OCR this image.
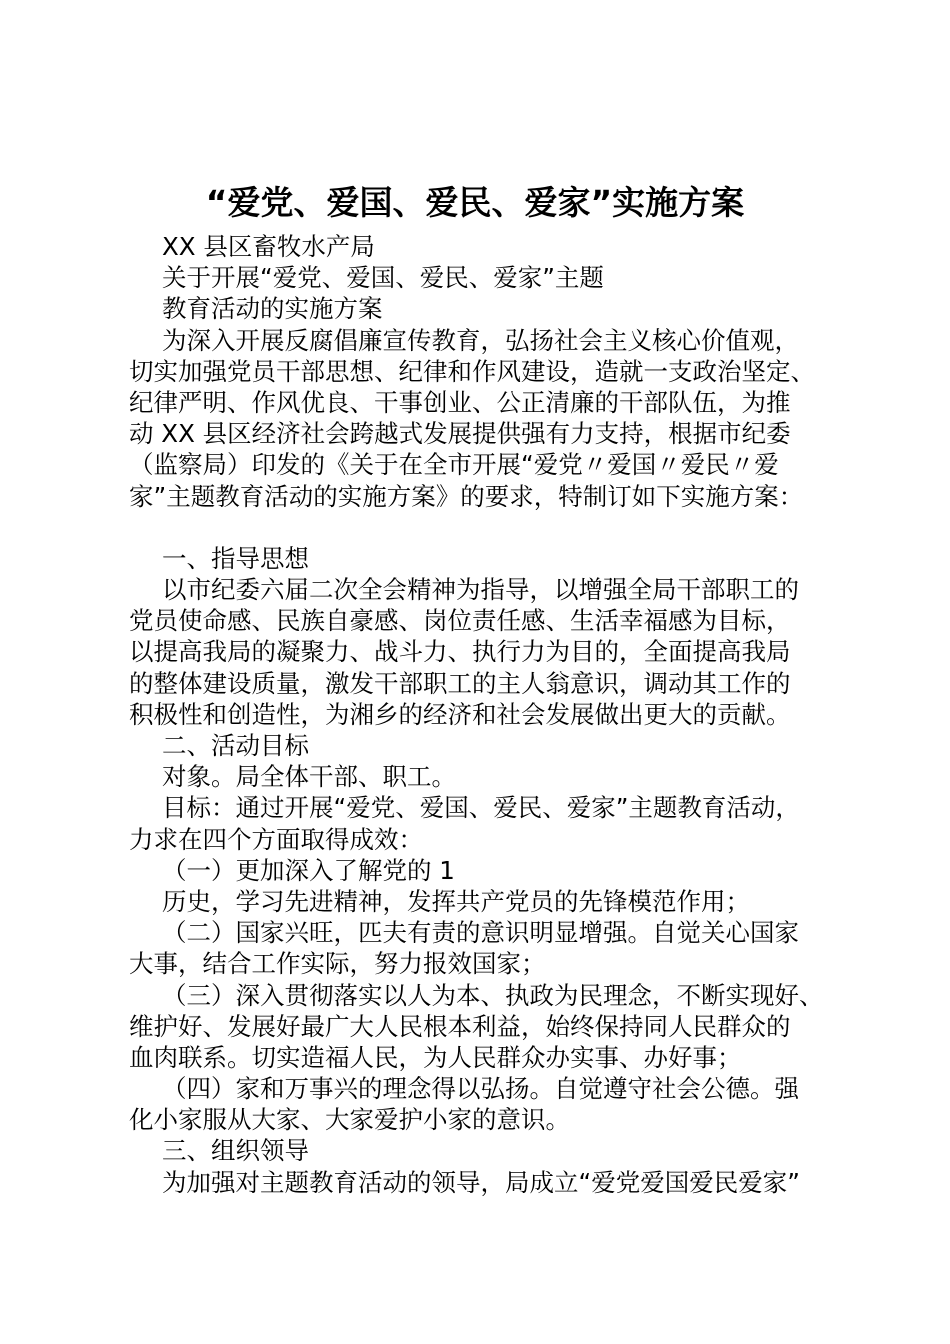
“爱党、爱国、爱民、爱家”实施方案
XX 县区畜牧水产局
关于开展“爱党、爱国、爱民、爱家”主题
教育活动的实施方案
为深入开展反腐倡廉宣传教育，弘扬社会主义核心价值观，
切实加强党员干部思想、纪律和作风建设，造就一支政治坚定、
纪律严明、作风优良、干事创业、公正清廉的干部队伍，为推
动 XX 县区经济社会跨越式发展提供强有力支持，根据市纪委
（监察局）印发的《关于在全市开展“爱党〃爱国〃爱民〃爱
家”主题教育活动的实施方案》的要求，特制订如下实施方案：
一、指导思想
以市纪委六届二次全会精神为指导，以增强全局干部职工的
党员使命感、民族自豪感、岗位责任感、生活幸福感为目标，
以提高我局的凝聚力、战斗力、执行力为目的，全面提高我局
的整体建设质量，激发干部职工的主人翁意识，调动其工作的
积极性和创造性，为湘乡的经济和社会发展做出更大的贡献。
二、活动目标
对象。局全体干部、职工。
目标：通过开展“爱党、爱国、爱民、爱家”主题教育活动，
力求在四个方面取得成效：
（一）更加深入了解党的 1
历史，学习先进精神，发挥共产党员的先锋模范作用；
（二）国家兴旺，匹夫有责的意识明显增强。自觉关心国家
大事，结合工作实际，努力报效国家；
（三）深入贯彻落实以人为本、执政为民理念，不断实现好、
维护好、发展好最广大人民根本利益，始终保持同人民群众的
血肉联系。切实造福人民，为人民群众办实事、办好事；
（四）家和万事兴的理念得以弘扬。自觉遵守社会公德。强
化小家服从大家、大家爱护小家的意识。
三、组织领导
为加强对主题教育活动的领导，局成立“爱党爱国爱民爱家”
